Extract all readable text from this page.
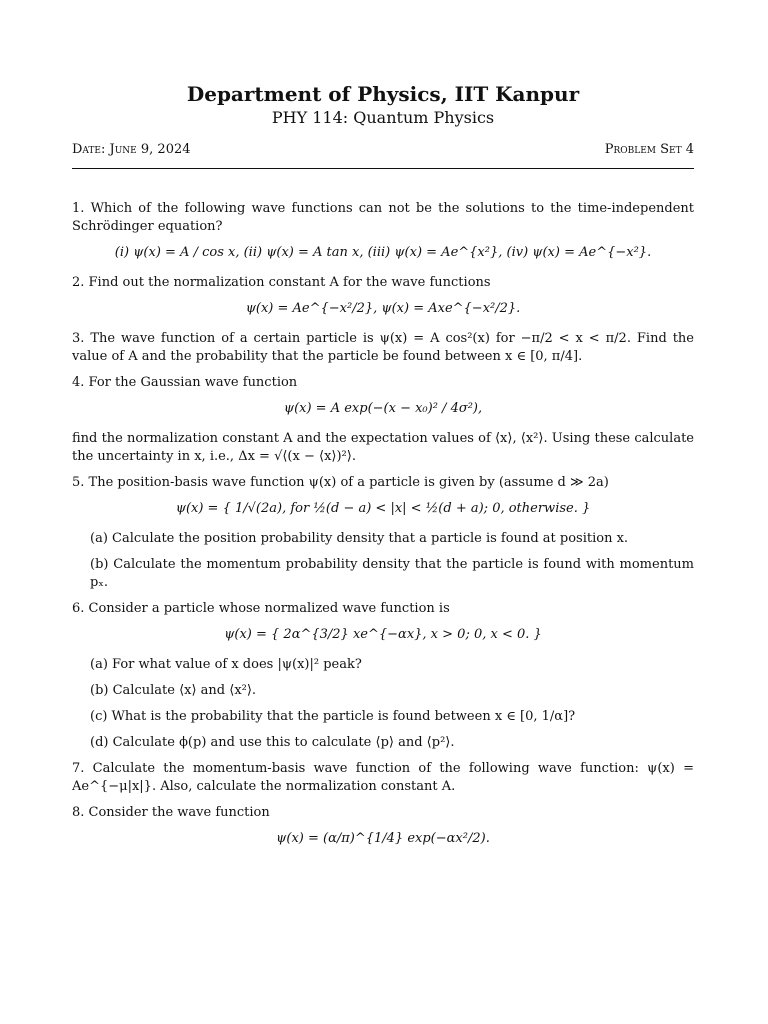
Department of Physics, IIT Kanpur
PHY 114: Quantum Physics
Date: June 9, 2024	Problem Set 4

1. Which of the following wave functions can not be the solutions to the time-independent Schrödinger equation?

(i) ψ(x) = A / cos x, (ii) ψ(x) = A tan x, (iii) ψ(x) = Ae^{x²}, (iv) ψ(x) = Ae^{−x²}.

2. Find out the normalization constant A for the wave functions

ψ(x) = Ae^{−x²/2}, ψ(x) = Axe^{−x²/2}.

3. The wave function of a certain particle is ψ(x) = A cos²(x) for −π/2 < x < π/2. Find the value of A and the probability that the particle be found between x ∈ [0, π/4].

4. For the Gaussian wave function

ψ(x) = A exp(−(x − x₀)² / 4σ²),

find the normalization constant A and the expectation values of ⟨x⟩, ⟨x²⟩. Using these calculate the uncertainty in x, i.e., Δx = √⟨(x − ⟨x⟩)²⟩.

5. The position-basis wave function ψ(x) of a particle is given by (assume d ≫ 2a)

ψ(x) = { 1/√(2a), for ½(d − a) < |x| < ½(d + a); 0, otherwise. }

(a) Calculate the position probability density that a particle is found at position x.

(b) Calculate the momentum probability density that the particle is found with momentum pₓ.

6. Consider a particle whose normalized wave function is

ψ(x) = { 2α^{3/2} xe^{−αx}, x > 0; 0, x < 0. }

(a) For what value of x does |ψ(x)|² peak?

(b) Calculate ⟨x⟩ and ⟨x²⟩.

(c) What is the probability that the particle is found between x ∈ [0, 1/α]?

(d) Calculate ϕ(p) and use this to calculate ⟨p⟩ and ⟨p²⟩.

7. Calculate the momentum-basis wave function of the following wave function: ψ(x) = Ae^{−μ|x|}. Also, calculate the normalization constant A.

8. Consider the wave function

ψ(x) = (α/π)^{1/4} exp(−αx²/2).
